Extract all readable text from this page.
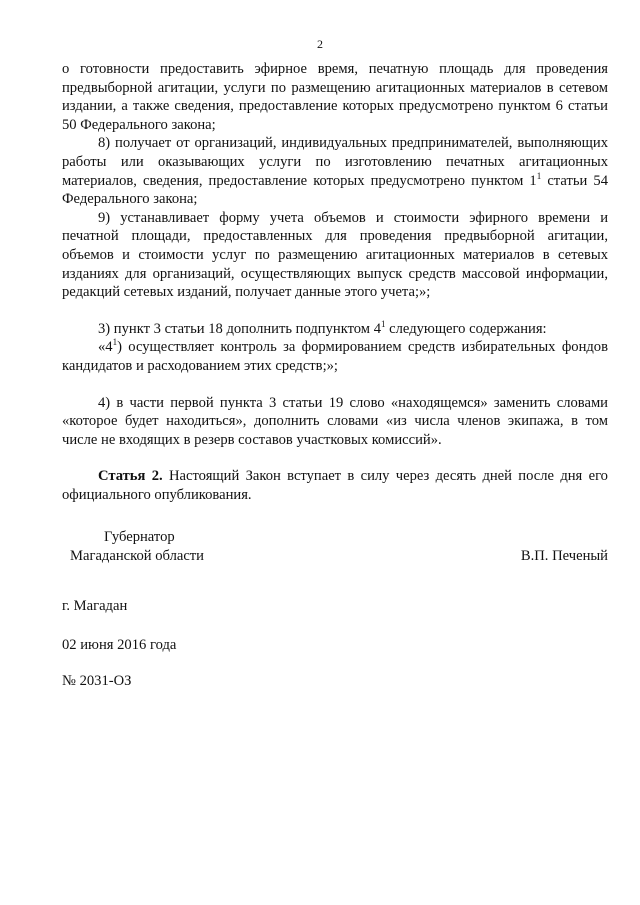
2

о готовности предоставить эфирное время, печатную площадь для проведения предвыборной агитации, услуги по размещению агитационных материалов в сетевом издании, а также сведения, предоставление которых предусмотрено пунктом 6 статьи 50 Федерального закона;

8) получает от организаций, индивидуальных предпринимателей, выполняющих работы или оказывающих услуги по изготовлению печатных агитационных материалов, сведения, предоставление которых предусмотрено пунктом $1^1$ статьи 54 Федерального закона;

9) устанавливает форму учета объемов и стоимости эфирного времени и печатной площади, предоставленных для проведения предвыборной агитации, объемов и стоимости услуг по размещению агитационных материалов в сетевых изданиях для организаций, осуществляющих выпуск средств массовой информации, редакций сетевых изданий, получает данные этого учета;»;

3) пункт 3 статьи 18 дополнить подпунктом $4^1$ следующего содержания:

«$4^1$) осуществляет контроль за формированием средств избирательных фондов кандидатов и расходованием этих средств;»;

4) в части первой пункта 3 статьи 19 слово «находящемся» заменить словами «которое будет находиться», дополнить словами «из числа членов экипажа, в том числе не входящих в резерв составов участковых комиссий».

Статья 2. Настоящий Закон вступает в силу через десять дней после дня его официального опубликования.

Губернатор
Магаданской области	В.П. Печеный
г. Магадан
02 июня 2016 года
№ 2031-ОЗ
